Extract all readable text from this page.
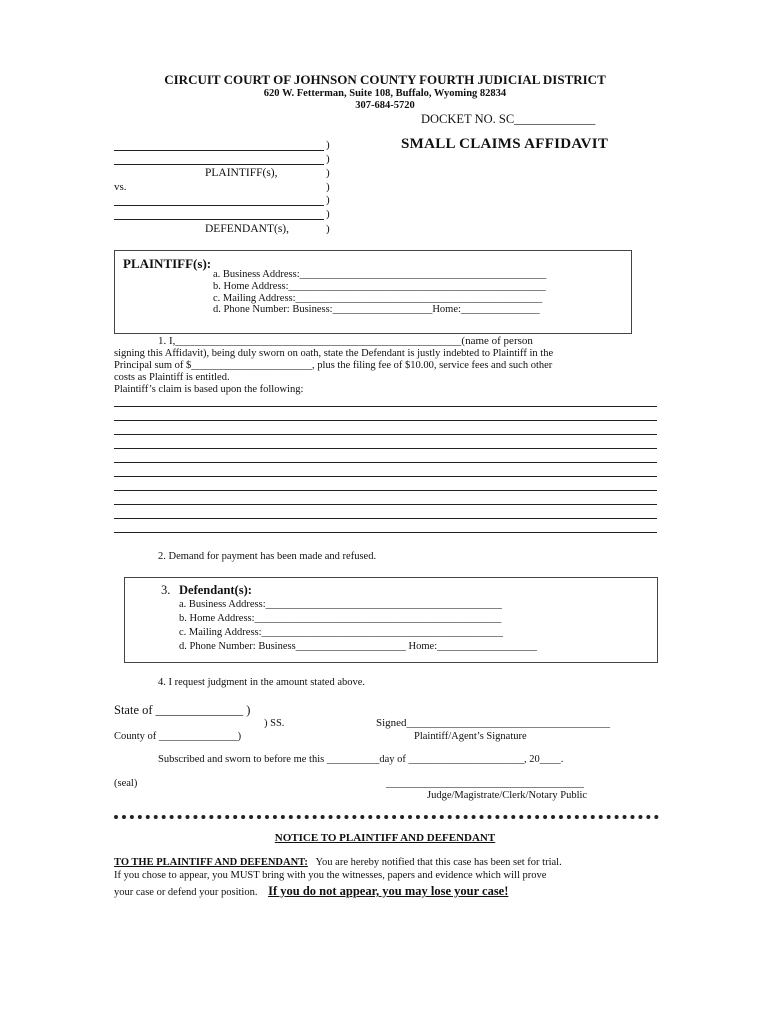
CIRCUIT COURT OF JOHNSON COUNTY FOURTH JUDICIAL DISTRICT
620 W. Fetterman, Suite 108, Buffalo, Wyoming 82834
307-684-5720
DOCKET NO. SC_____________
SMALL CLAIMS AFFIDAVIT
)
)
PLAINTIFF(s),	)
vs.	)
)
)
DEFENDANT(s),	)
PLAINTIFF(s):
a. Business Address:_______________________________________________
b. Home Address:_________________________________________________
c. Mailing Address:_______________________________________________
d. Phone Number: Business:___________________Home:_______________
1. I,____________________________________________________(name of person
signing this Affidavit), being duly sworn on oath, state the Defendant is justly indebted to Plaintiff in the
Principal sum of $_______________________, plus the filing fee of $10.00, service fees and such other
costs as Plaintiff is entitled.
Plaintiff’s claim is based upon the following:
2. Demand for payment has been made and refused.
3. Defendant(s):
a. Business Address:_____________________________________________
b. Home Address:_______________________________________________
c. Mailing Address:______________________________________________
d. Phone Number: Business_____________________ Home:___________________
4. I request judgment in the amount stated above.
State of ______________ )
) SS.	Signed_____________________________________
County of _______________)	Plaintiff/Agent’s Signature
Subscribed and sworn to before me this __________day of ______________________, 20____.
(seal)	____________________________________
Judge/Magistrate/Clerk/Notary Public
NOTICE TO PLAINTIFF AND DEFENDANT
TO THE PLAINTIFF AND DEFENDANT: You are hereby notified that this case has been set for trial.
If you chose to appear, you MUST bring with you the witnesses, papers and evidence which will prove
your case or defend your position. If you do not appear, you may lose your case!
